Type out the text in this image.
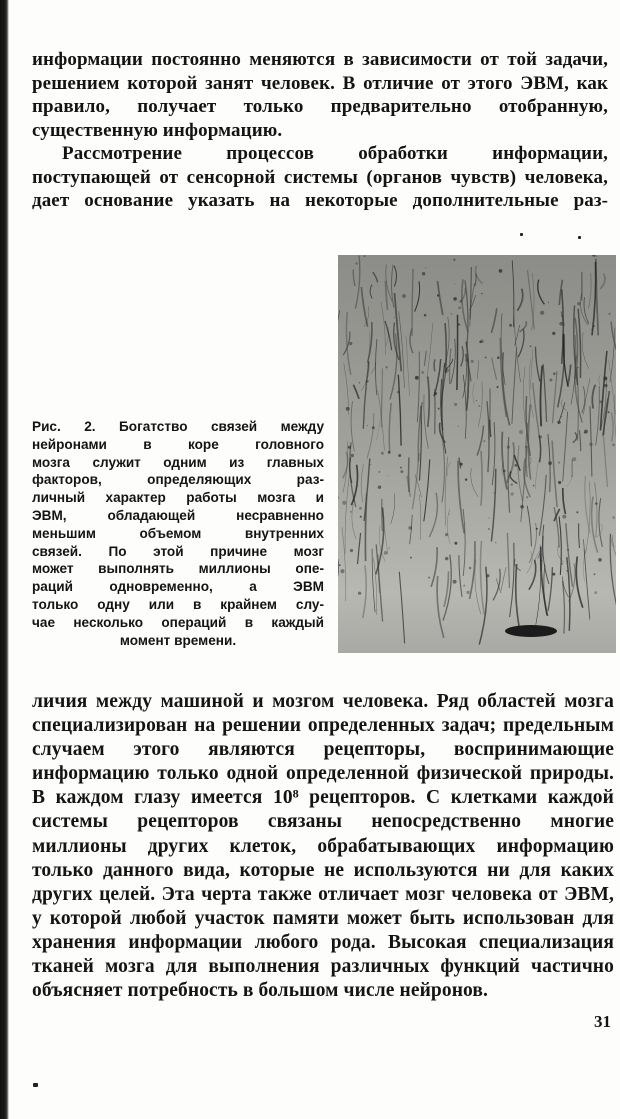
информации постоянно меняются в зависимости от той задачи, решением которой занят человек. В отличие от этого ЭВМ, как правило, получает только предварительно отобранную, существенную информацию.

Рассмотрение процессов обработки информации, поступающей от сенсорной системы (органов чувств) человека, дает основание указать на некоторые дополнительные раз-

Рис. 2. Богатство связей между
нейронами в коре головного
мозга служит одним из главных
факторов, определяющих раз-
личный характер работы мозга и
ЭВМ, обладающей несравненно
меньшим объемом внутренних
связей. По этой причине мозг
может выполнять миллионы опе-
раций одновременно, а ЭВМ
только одну или в крайнем слу-
чае несколько операций в каждый
момент времени.

личия между машиной и мозгом человека. Ряд областей мозга специализирован на решении определенных задач; предельным случаем этого являются рецепторы, воспринимающие информацию только одной определенной физической природы. В каждом глазу имеется 10⁸ рецепторов. С клетками каждой системы рецепторов связаны непосредственно многие миллионы других клеток, обрабатывающих информацию только данного вида, которые не используются ни для каких других целей. Эта черта также отличает мозг человека от ЭВМ, у которой любой участок памяти может быть использован для хранения информации любого рода. Высокая специализация тканей мозга для выполнения различных функций частично объясняет потребность в большом числе нейронов.

31
